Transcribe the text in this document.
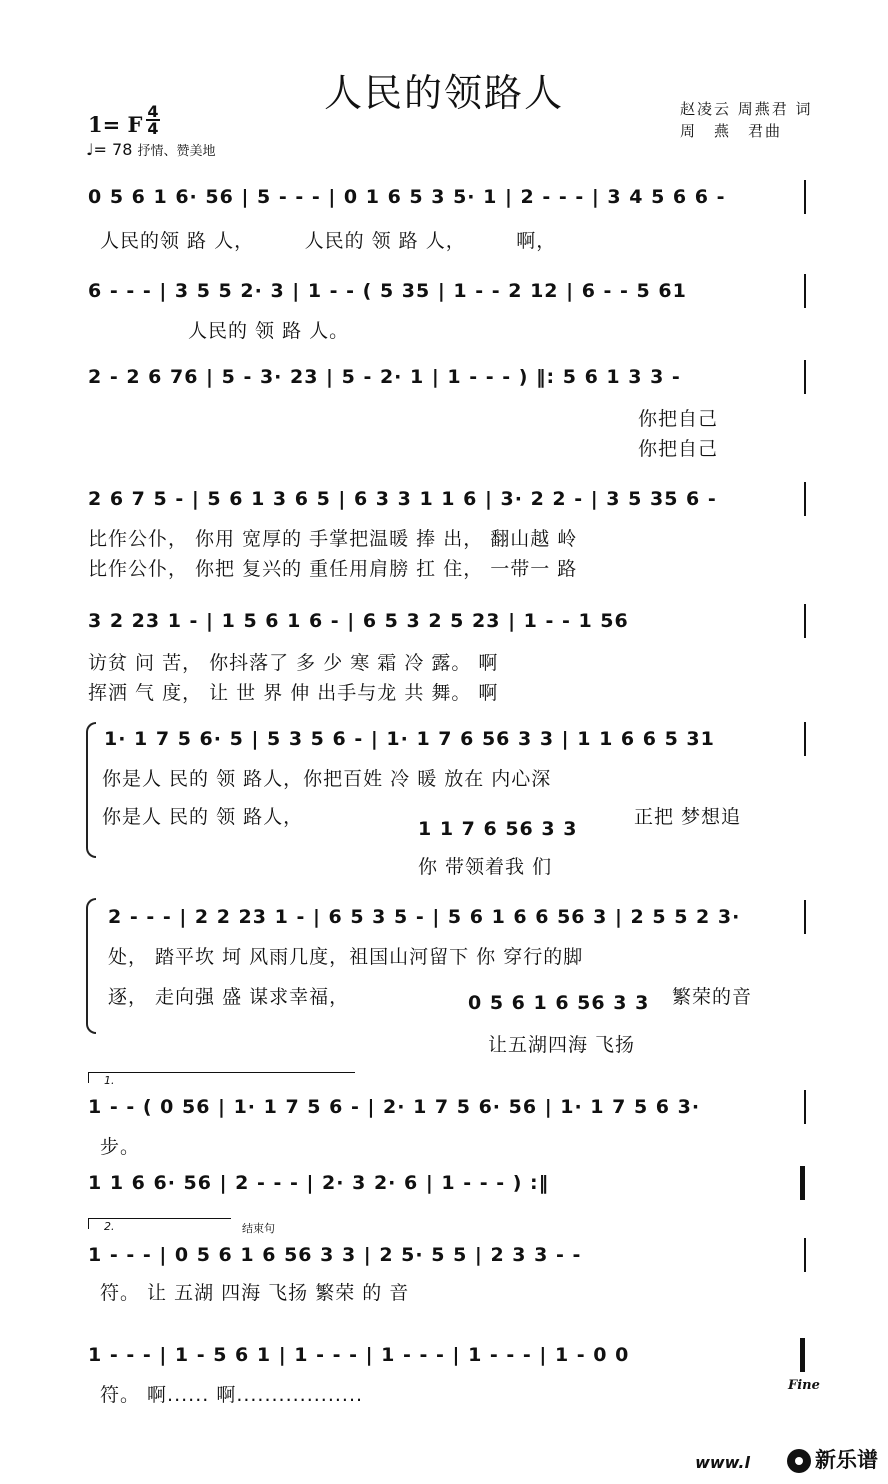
人民的领路人	赵凌云 周燕君 词
周　燕　君曲
1= F
4
4
♩= 78 抒情、赞美地
0 5 6 1 6· 56 | 5 - - - | 0 1 6 5 3 5· 1 | 2 - - - | 3 4 5 6 6 -
人民的领 路 人，　　　人民的 领 路 人，　　　啊，
6 - - - | 3 5 5 2· 3 | 1 - - ( 5 35 | 1 - - 2 12 | 6 - - 5 61
人民的 领 路 人。
2 - 2 6 76 | 5 - 3· 23 | 5 - 2· 1 | 1 - - - ) ‖: 5 6 1 3 3 -
你把自己
你把自己
2 6 7 5 - | 5 6 1 3 6 5 | 6 3 3 1 1 6 | 3· 2 2 - | 3 5 35 6 -
比作公仆， 你用 宽厚的 手掌把温暖 捧 出， 翻山越 岭
比作公仆， 你把 复兴的 重任用肩膀 扛 住， 一带一 路
3 2 23 1 - | 1 5 6 1 6 - | 6 5 3 2 5 23 | 1 - - 1 56
访贫 问 苦， 你抖落了 多 少 寒 霜 冷 露。 啊
挥洒 气 度， 让 世 界 伸 出手与龙 共 舞。 啊
1· 1 7 5 6· 5 | 5 3 5 6 - | 1· 1 7 6 56 3 3 | 1 1 6 6 5 31
你是人 民的 领 路人，你把百姓 冷 暖 放在 内心深
你是人 民的 领 路人，
1 1 7 6 56 3 3
正把 梦想追
你 带领着我 们
2 - - - | 2 2 23 1 - | 6 5 3 5 - | 5 6 1 6 6 56 3 | 2 5 5 2 3·
处， 踏平坎 坷 风雨几度，祖国山河留下 你 穿行的脚
逐， 走向强 盛 谋求幸福，	0 5 6 1 6 56 3 3 繁荣的音
让五湖四海 飞扬
1.
1 - - ( 0 56 | 1· 1 7 5 6 - | 2· 1 7 5 6· 56 | 1· 1 7 5 6 3·
步。
1 1 6 6· 56 | 2 - - - | 2· 3 2· 6 | 1 - - - ) :‖
2.	结束句
1 - - - | 0 5 6 1 6 56 3 3 | 2 5· 5 5 | 2 3 3 - -
符。 让 五湖 四海 飞扬 繁荣 的 音
1 - - - | 1 - 5 6 1 | 1 - - - | 1 - - - | 1 - - - | 1 - 0 0
符。 啊...... 啊..................	Fine
www.l	新乐谱
